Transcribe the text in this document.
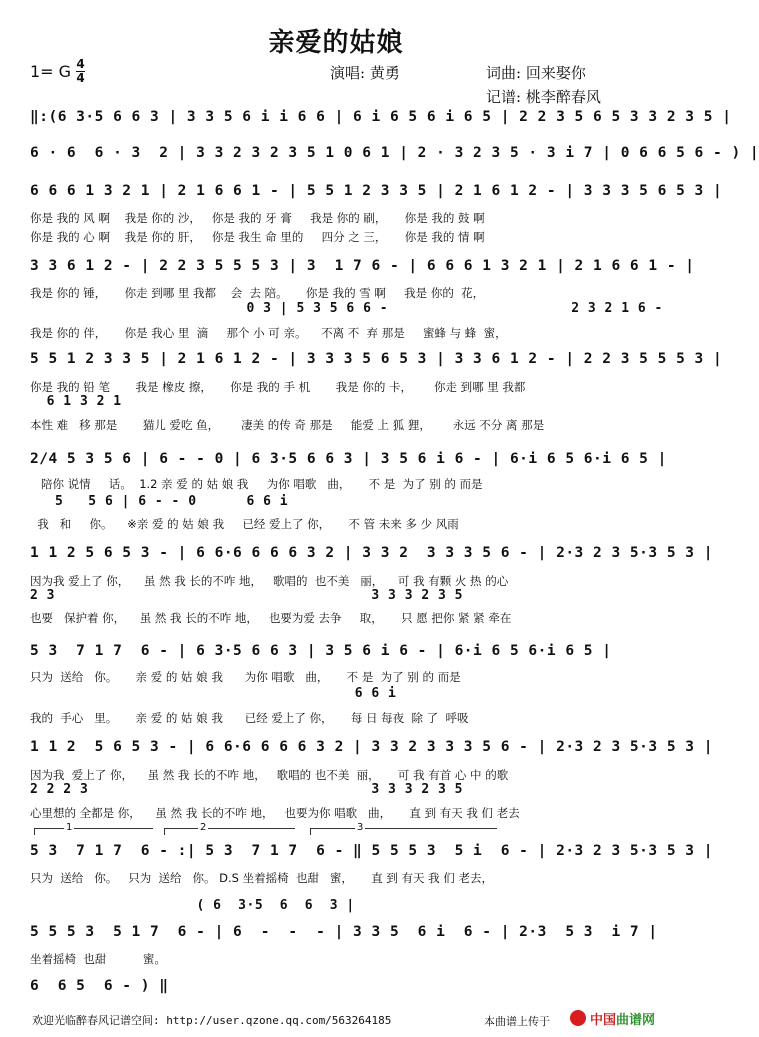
亲爱的姑娘
1= G 4
4	演唱: 黄勇	词曲: 回来娶你
记谱: 桃李醉春风
‖:(6 3·5 6 6 3 | 3 3 5 6 i i 6 6 | 6 i 6 5 6 i 6 5 | 2 2 3 5 6 5 3 3 2 3 5 |
6 · 6  6 · 3  2 | 3 3 2 3 2 3 5 1 0 6 1 | 2 · 3 2 3 5 · 3 i 7 | 0 6 6 5 6 - ) |
6 6 6 1 3 2 1 | 2 1 6 6 1 - | 5 5 1 2 3 3 5 | 2 1 6 1 2 - | 3 3 3 5 6 5 3 |
你是 我的 风 啊    我是 你的 沙，   你是 我的 牙 膏     我是 你的 刷，     你是 我的 鼓 啊
你是 我的 心 啊    我是 你的 肝，   你是 我生 命 里的     四分 之 三，     你是 我的 情 啊
3 3 6 1 2 - | 2 2 3 5 5 5 3 | 3  1 7 6 - | 6 6 6 1 3 2 1 | 2 1 6 6 1 - |
我是 你的 锤，     你走 到哪 里 我都    会  去 陪。     你是 我的 雪 啊     我是 你的  花，
0 3 | 5 3 5 6 6 -                      2 3 2 1 6 -
我是 你的 伴，     你是 我心 里  滴     那个 小 可 亲。    不离 不  弃 那是     蜜蜂 与 蜂  蜜，
5 5 1 2 3 3 5 | 2 1 6 1 2 - | 3 3 3 5 6 5 3 | 3 3 6 1 2 - | 2 2 3 5 5 5 3 |
你是 我的 铅 笔       我是 橡皮 擦，     你是 我的 手 机       我是 你的 卡，      你走 到哪 里 我都
6 1 3 2 1
本性 难   移 那是       猫儿 爱吃 鱼，      凄美 的传 奇 那是     能爱 上 狐 狸，      永远 不分 离 那是
2/4 5 3 5 6 | 6 - - 0 | 6 3·5 6 6 3 | 3 5 6 i 6 - | 6·i 6 5 6·i 6 5 |
陪你 说情     话。  1.2 亲 爱 的 姑 娘 我     为你 唱歌   曲，     不 是  为了 别 的 而是
5   5 6 | 6 - - 0      6 6 i
我   和     你。    ※亲 爱 的 姑 娘 我     已经 爱上了 你，     不 管 未来 多 少 风雨
1 1 2 5 6 5 3 - | 6 6·6 6 6 6 3 2 | 3 3 2  3 3 3 5 6 - | 2·3 2 3 5·3 5 3 |
因为我 爱上了 你，    虽 然 我 长的不咋 地，   歌唱的  也不美   丽，    可 我 有颗 火 热 的心
2 3                                      3 3 3 2 3 5
也要   保护着 你，    虽 然 我 长的不咋 地，   也要为爱 去争     取，     只 愿 把你 紧 紧 牵在
5 3  7 1 7  6 - | 6 3·5 6 6 3 | 3 5 6 i 6 - | 6·i 6 5 6·i 6 5 |
只为  送给   你。     亲 爱 的 姑 娘 我      为你 唱歌   曲，     不 是  为了 别 的 而是
6 6 i
我的  手心   里。     亲 爱 的 姑 娘 我      已经 爱上了 你，     每 日 每夜  除 了  呼吸
1 1 2  5 6 5 3 - | 6 6·6 6 6 6 3 2 | 3 3 2 3 3 3 5 6 - | 2·3 2 3 5·3 5 3 |
因为我  爱上了 你，    虽 然 我 长的不咋 地，   歌唱的 也不美  丽，     可 我 有首 心 中 的歌
2 2 2 3                                  3 3 3 2 3 5
心里想的 全都是 你，    虽 然 我 长的不咋 地，   也要为你 唱歌   曲，     直 到 有天 我 们 老去
1	2	3
5 3  7 1 7  6 - :| 5 3  7 1 7  6 - ‖ 5 5 5 3  5 i  6 - | 2·3 2 3 5·3 5 3 |
只为  送给   你。   只为  送给   你。 D.S 坐着摇椅  也甜   蜜，     直 到 有天 我 们 老去，
( 6  3·5  6  6  3 |
5 5 5 3  5 1 7  6 - | 6  -  -  - | 3 3 5  6 i  6 - | 2·3  5 3  i 7 |
坐着摇椅  也甜          蜜。
6  6 5  6 - ) ‖
欢迎光临醉春风记谱空间: http://user.qzone.qq.com/563264185	本曲谱上传于	中国曲谱网
